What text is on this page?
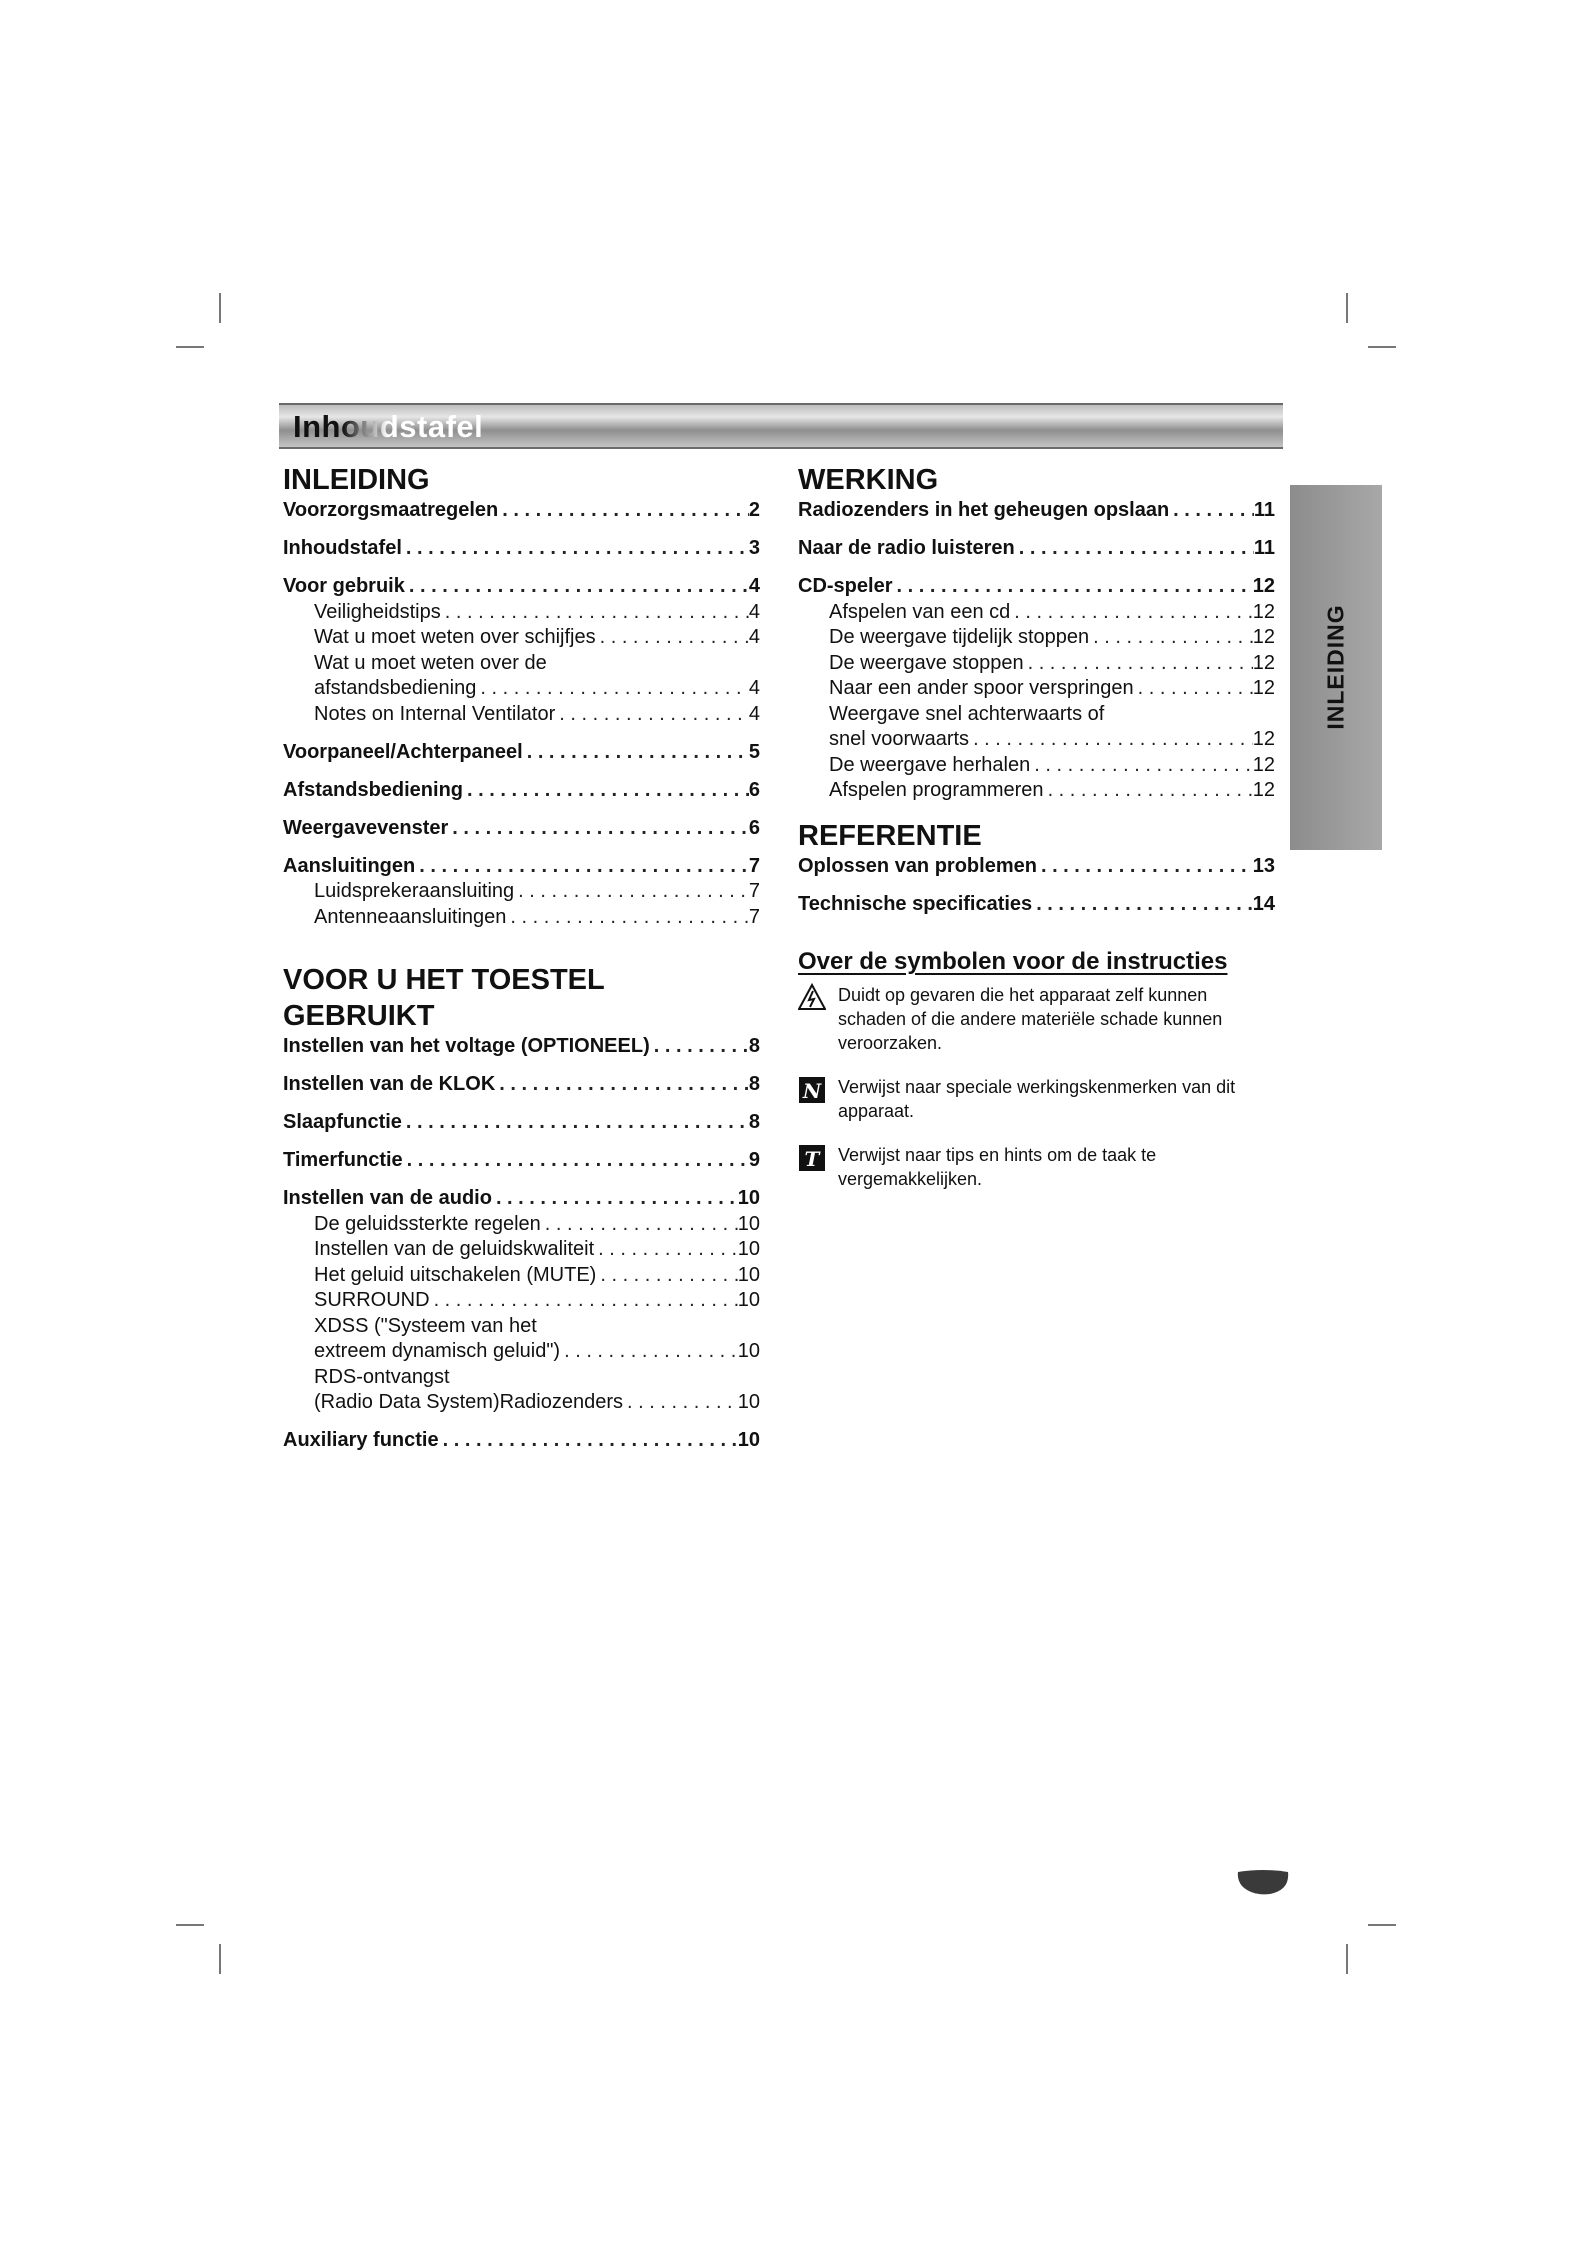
Inhoudstafel
INLEIDING
INLEIDING
Voorzorgsmaatregelen . . .	2
Inhoudstafel . . .	3
Voor gebruik . . .	4
Veiligheidstips . . .	4
Wat u moet weten over schijfjes . . .	4
Wat u moet weten over de
afstandsbediening . . .	4
Notes on Internal Ventilator . . .	4
Voorpaneel/Achterpaneel . . .	5
Afstandsbediening . . .	6
Weergavevenster . . .	6
Aansluitingen . . .	7
Luidsprekeraansluiting . . .	7
Antenneaansluitingen . . .	7
VOOR U HET TOESTEL GEBRUIKT
Instellen van het voltage (OPTIONEEL) . . .	8
Instellen van de KLOK . . .	8
Slaapfunctie . . .	8
Timerfunctie . . .	9
Instellen van de audio . . .	10
De geluidssterkte regelen . . .	10
Instellen van de geluidskwaliteit . . .	10
Het geluid uitschakelen (MUTE) . . .	10
SURROUND . . .	10
XDSS ("Systeem van het
extreem dynamisch geluid") . . .	10
RDS-ontvangst
(Radio Data System)Radiozenders . . .	10
Auxiliary functie . . .	10
WERKING
Radiozenders in het geheugen opslaan . . .	11
Naar de radio luisteren . . .	11
CD-speler . . .	12
Afspelen van een cd . . .	12
De weergave tijdelijk stoppen . . .	12
De weergave stoppen . . .	12
Naar een ander spoor verspringen . . .	12
Weergave snel achterwaarts of
snel voorwaarts . . .	12
De weergave herhalen . . .	12
Afspelen programmeren . . .	12
REFERENTIE
Oplossen van problemen . . .	13
Technische specificaties . . .	14
Over de symbolen voor de instructies
Duidt op gevaren die het apparaat zelf kunnen schaden of die andere materiële schade kunnen veroorzaken.
N Verwijst naar speciale werkingskenmerken van dit apparaat.
T Verwijst naar tips en hints om de taak te vergemakkelijken.
3
